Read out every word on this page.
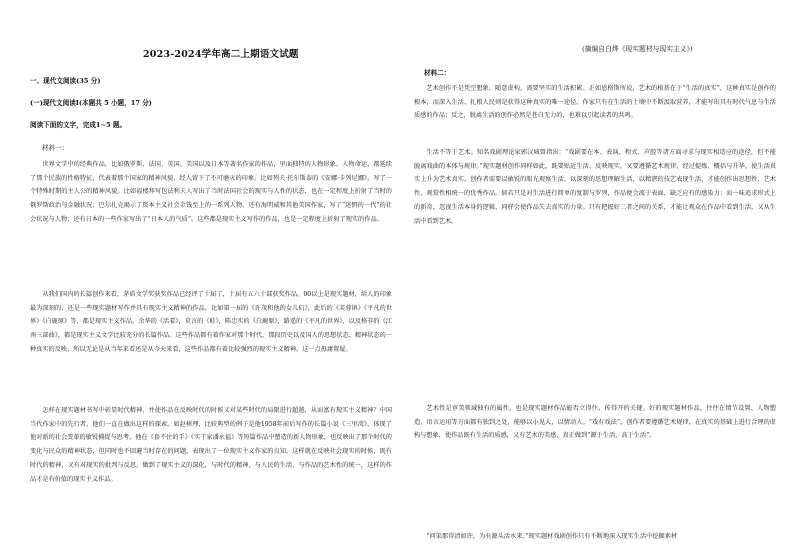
2023-2024学年高二上期语文试题	(摘编自白烨《现实题材与现实主义》)
一、现代文阅读(35 分)
(一)现代文阅读Ⅰ(本题共 5 小题，17 分)
阅读下面的文字，完成1~5 题。
材料一：

世界文学中的经典作品，比如俄罗斯、法国、英国、美国以及日本等著名作家的作品，里面独特的人物形象、人物命运，都延续了那个民族的性格特征，代表着那个国家的精神风貌，经人留下了不可磨灭的印象。比如列夫·托尔斯泰的《安娜·卡列尼娜》，写了一个特殊时期的主人公的精神风貌。比如福楼拜写包法利夫人写出了当时法国社会的现实与人性的状态，也在一定程度上折射了当时的俄罗斯政治与金融状况；巴尔扎克揭示了资本主义社会金钱至上的一系列人物。还有海明威和其他美国作家，写了“迷惘的一代”的社会状况与人物；还有日本的一些作家写出了“日本人的气质”。这些都是现实主义写作的作品，也是一定程度上折射了现实的作品。

从我们国内的长篇创作来看，茅盾文学奖获奖作品已经评了十届了，十届有五六十部获奖作品。90以上是现实题材，给人的印象最为深刻的，还是一些现实题材写作并具有现实主义精神的作品。比如第一届的《许茂和他的女儿们》，此后的《芙蓉镇》《平凡的世界》《白鹿原》等，都是现实主义作品。余华的《活着》，莫言的《蛙》，陈忠实的《白鹿原》，路遥的《平凡的世界》，以及格非的《江南三部曲》，都是现实主义文学比较充分的长篇作品。这些作品都有着作家对那个时代、那段历史以及国人的思想状态、精神状态的一种真实的反映，所以无论是从当年来看还是从今天来看，这些作品都有着比较强烈的现实主义精神，这一点毋庸置疑。

怎样在现实题材书写中彰显时代精神，并使作品在反映时代的时候又对某些时代的局限进行超越，从而富有现实主义精神？中国当代作家中的先行者，他们一直在做出这样的探索。如赵树理，比较典型的例子是他1958年前后写作的长篇小说《三里湾》，体现了他对新的社会变革的敏锐捕捉与思考。他在《套不住的手》《实干家潘永福》等短篇作品中塑造的新人物形象，也反映出了那个时代的变化与民众的精神状态，但同时也不回避当时存在的问题，表现出了一位现实主义作家的良知。这样就在反映社会现实的时候，既有时代的精神，又有对现实的批判与反思，做到了现实主义的深化，与时代的精神、与人民的生活、与作品的艺术性的统一，这样的作品才是有价值的现实主义作品。

材料二：

艺术创作不是凭空想象、随意虚构，需要坚实的生活积累。正如恩格斯所说，艺术的根基在于“生活的真实”，这种真实是创作的根本，而深入生活、扎根人民则是获得这种真实的唯一途径。作家只有在生活的土壤中不断汲取营养，才能写出具有时代气息与生活质感的作品；反之，脱离生活的创作必然是苍白无力的，也难以引起读者的共鸣。

生活不等于艺术。知名戏剧理论家郭汉城曾指出：“戏剧要在本、表演、程式、声腔等诸方面寻求与现实相适应的途径，但不能脱离戏曲的本体与规律。”现实题材创作同样如此，既要贴近生活、反映现实，又要遵循艺术规律，经过提炼、概括与升华，使生活真实上升为艺术真实。创作者需要以敏锐的眼光观察生活，以深刻的思想理解生活，以精湛的技艺表现生活，才能创作出思想性、艺术性、观赏性相统一的优秀作品。倘若只是对生活进行简单的复制与罗列，作品便会流于表面，缺乏应有的感染力；而一味追求形式上的新奇，忽视生活本身的逻辑，同样会使作品失去真实的力量。只有把握好二者之间的关系，才能让观众在作品中看到生活，又从生活中看到艺术。

艺术性是审美领域独有的属性，也是现实题材作品能否立得住、传得开的关键。好的现实题材作品，往往在情节设置、人物塑造、语言运用等方面都有独到之处，能够以小见大，以情动人。“戏有戏法”，创作者要遵循艺术规律，在真实的基础上进行合理的虚构与想象，使作品既有生活的质感，又有艺术的美感，真正做到“源于生活，高于生活”。

“问渠那得清如许，为有源头活水来。”现实题材戏剧创作只有不断地深入现实生活中挖掘素材
